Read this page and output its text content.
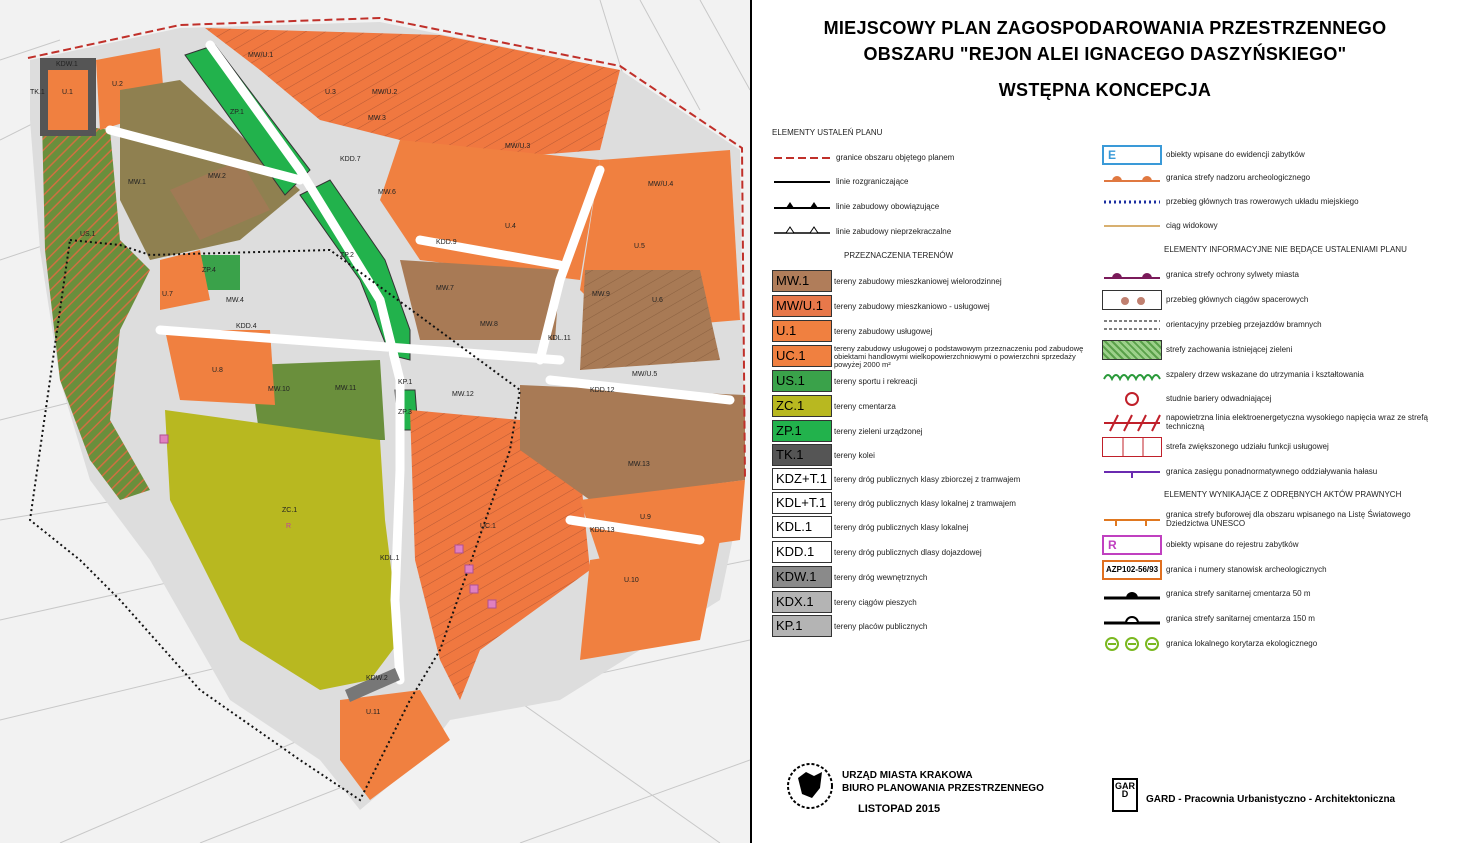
KDW.1
TK.1 U.1
U.2
MW/U.1
U.3	MW/U.2
ZP.1
MW.3
MW/U.3
KDD.7
MW.1
MW.2
MW.6
MW/U.4
U.4
KDD.9
U.5
ZP.2
ZP.4
US.1
U.7
MW.4
MW.7
MW.9
U.6
KDD.4	MW.8
KDL.11
MW/U.5
KP.1
MW.10	MW.11
U.8
MW.12
KDD.12
ZP.3
MW.13
ZC.1
R	UC.1
U.9
KDD.13
KDL.1
U.10
KDW.2
U.11
MIEJSCOWY PLAN ZAGOSPODAROWANIA PRZESTRZENNEGO
OBSZARU "REJON ALEI IGNACEGO DASZYŃSKIEGO"
WSTĘPNA KONCEPCJA
ELEMENTY USTALEŃ PLANU
granice obszaru objętego planem
linie rozgraniczające
linie zabudowy obowiązujące
linie zabudowy nieprzekraczalne
PRZEZNACZENIA TERENÓW
MW.1	tereny zabudowy mieszkaniowej wielorodzinnej
MW/U.1	tereny zabudowy mieszkaniowo - usługowej
U.1	tereny zabudowy usługowej
UC.1	tereny zabudowy usługowej o podstawowym przeznaczeniu pod zabudowę obiektami handlowymi wielkopowierzchniowymi o powierzchni sprzedaży powyżej 2000 m²
US.1	tereny sportu i rekreacji
ZC.1	tereny cmentarza
ZP.1	tereny zieleni urządzonej
TK.1	tereny kolei
KDZ+T.1 tereny dróg publicznych klasy zbiorczej z tramwajem
KDL+T.1 tereny dróg publicznych klasy lokalnej z tramwajem
KDL.1	tereny dróg publicznych klasy lokalnej
KDD.1	tereny dróg publicznych dlasy dojazdowej
KDW.1	tereny dróg wewnętrznych
KDX.1	tereny ciągów pieszych
KP.1	tereny placów publicznych
E	obiekty wpisane do ewidencji zabytków
granica strefy nadzoru archeologicznego
przebieg głównych tras rowerowych układu miejskiego
ciąg widokowy
ELEMENTY INFORMACYJNE NIE BĘDĄCE USTALENIAMI PLANU
granica strefy ochrony sylwety miasta
przebieg głównych ciągów spacerowych
orientacyjny przebieg przejazdów bramnych
strefy zachowania istniejącej zieleni
szpalery drzew wskazane do utrzymania i kształtowania
studnie bariery odwadniającej
napowietrzna linia elektroenergetyczna wysokiego napięcia wraz ze strefą techniczną
strefa zwiększonego udziału funkcji usługowej
granica zasięgu ponadnormatywnego oddziaływania hałasu
ELEMENTY WYNIKAJĄCE Z ODRĘBNYCH AKTÓW PRAWNYCH
granica strefy buforowej dla obszaru wpisanego na Listę Światowego Dziedzictwa UNESCO
R	obiekty wpisane do rejestru zabytków
AZP102-56/93 granica i numery stanowisk archeologicznych
granica strefy sanitarnej cmentarza 50 m
granica strefy sanitarnej cmentarza 150 m
granica lokalnego korytarza ekologicznego
URZĄD MIASTA KRAKOWA
BIURO PLANOWANIA PRZESTRZENNEGO
LISTOPAD 2015
GARD	GARD - Pracownia Urbanistyczno - Architektoniczna
